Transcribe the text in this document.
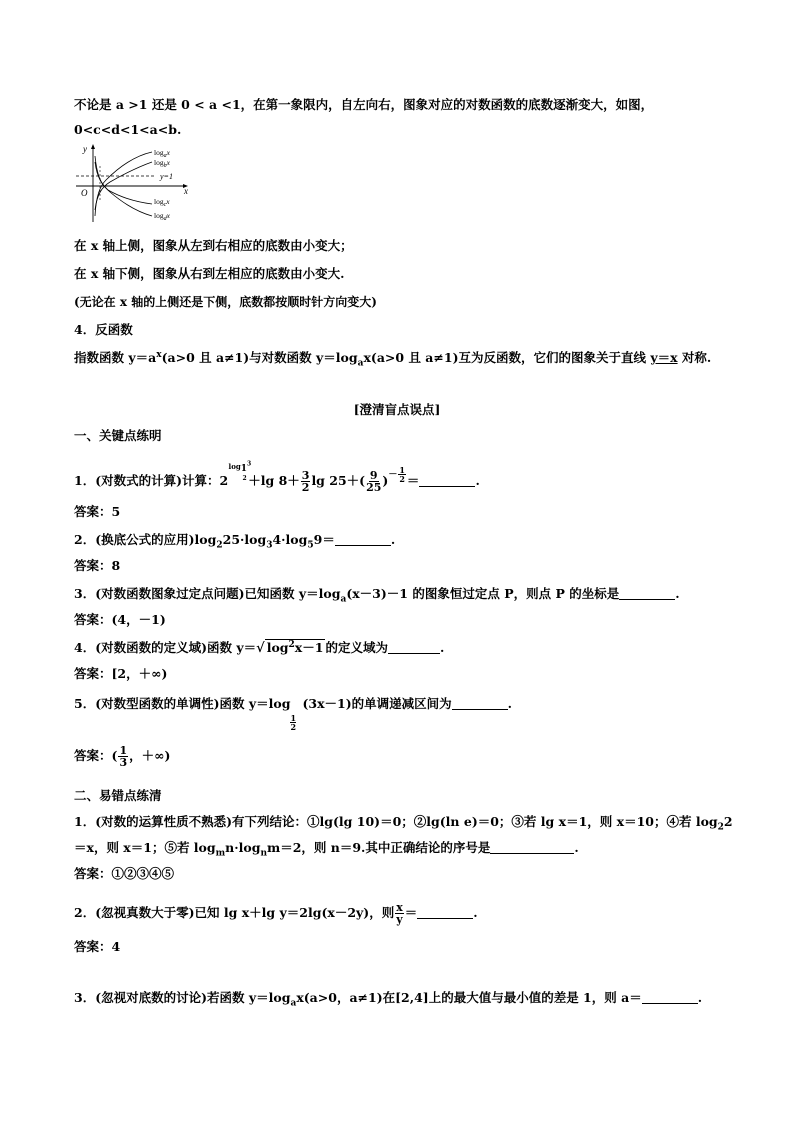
不论是 a >1 还是 0 < a <1，在第一象限内，自左向右，图象对应的对数函数的底数逐渐变大，如图，
0<c<d<1<a<b.
y
x
O
y=1
$\log_ax$
$\log_bx$
$\log_cx$
$\log_dx$
在 x 轴上侧，图象从左到右相应的底数由小变大；
在 x 轴下侧，图象从右到左相应的底数由小变大.
(无论在 x 轴的上侧还是下侧，底数都按顺时针方向变大)
4．反函数
指数函数 $y=a^x(a>0$ 且 a≠1)与对数函数 $y=\log_ax(a>0$ 且 a≠1)互为反函数，它们的图象关于直线 y＝x 对称.
[澄清盲点误点]
一、关键点练明
1．(对数式的计算)计算：2
$\log_1^3$
2 ＋lg $8+ \frac{3}{2}$ $\lg 25+( \frac{9}{25} )^{- \frac{1}{2}}$ ＝	.
答案：5
2．(换底公式的应用)$\log_225\cdot\log_34\cdot\log_59=$	.
答案：8
3．(对数函数图象过定点问题)已知函数 $y=\log_a(x-3)-1$ 的图象恒过定点 P，则点 P 的坐标是	.
答案：(4，－1)
4．(对数函数的定义域)函数 y＝√ $\log^2x-1$ 的定义域为	.
答案：[2，＋∞)
5．(对数型函数的单调性)函数 y＝log
1
2
(3x－1)的单调递减区间为	.
答案：( $\frac{1}{3}$ ，＋∞)
二、易错点练清
1．(对数的运算性质不熟悉)有下列结论：①lg(lg 10)＝0；②lg(ln e)＝0；③若 lg x＝1，则 x＝10；④若 $\log_22$
＝x，则 x＝1；⑤若 $\log_mn\cdot\log_nm=2$，则 n＝9.其中正确结论的序号是	.
答案：①②③④⑤
2．(忽视真数大于零)已知 lg x＋lg y＝2lg(x－2y)，则 $\frac{x}{y}$ ＝	.
答案：4
3．(忽视对底数的讨论)若函数 $y=\log_ax(a>0$，a≠1)在[2,4]上的最大值与最小值的差是 1，则 a＝	.
